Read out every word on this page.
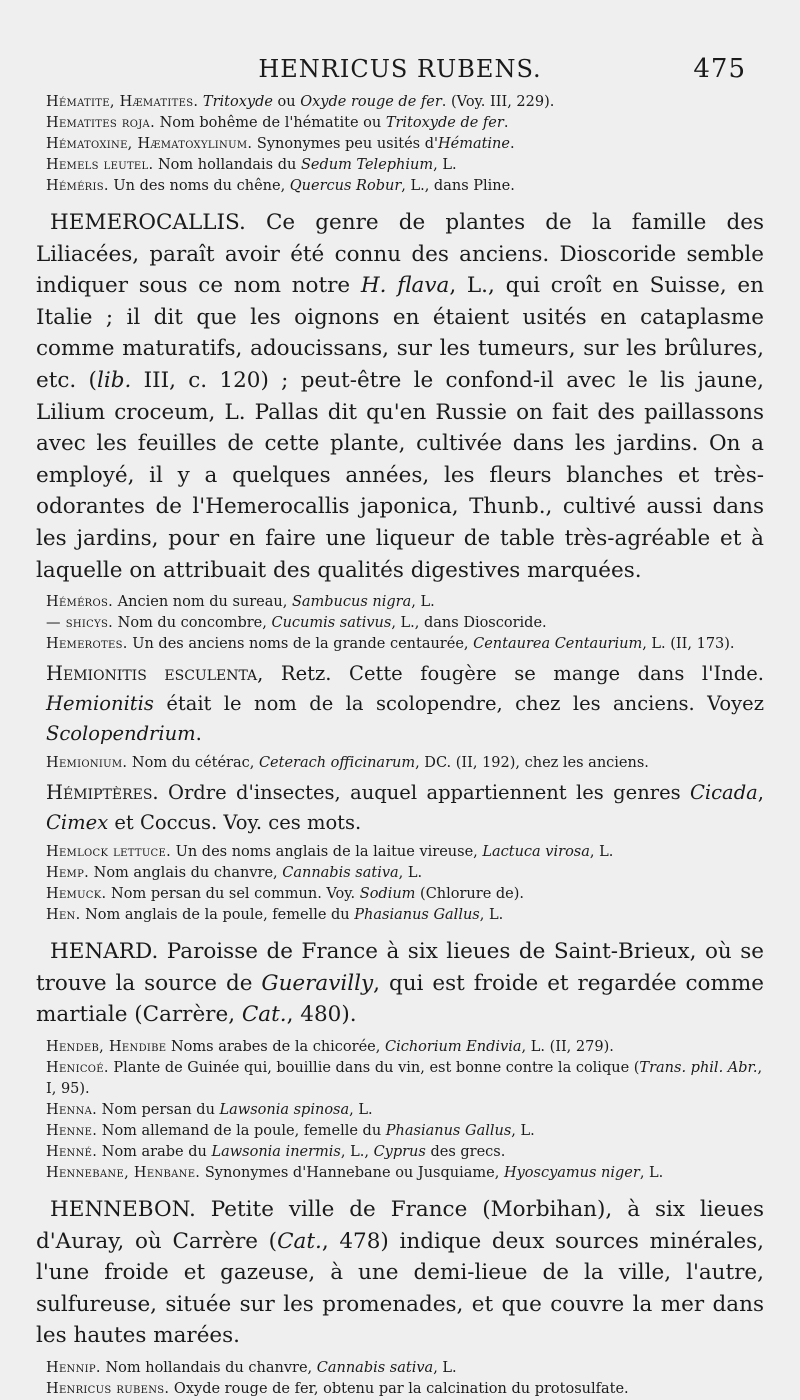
HENRICUS RUBENS.	475

Hématite, Hæmatites. Tritoxyde ou Oxyde rouge de fer. (Voy. III, 229).

Hematites roja. Nom bohême de l'hématite ou Tritoxyde de fer.

Hématoxine, Hæmatoxylinum. Synonymes peu usités d'Hématine.

Hemels leutel. Nom hollandais du Sedum Telephium, L.

Héméris. Un des noms du chêne, Quercus Robur, L., dans Pline.

HEMEROCALLIS. Ce genre de plantes de la famille des Liliacées, paraît avoir été connu des anciens. Dioscoride semble indiquer sous ce nom notre H. flava, L., qui croît en Suisse, en Italie ; il dit que les oignons en étaient usités en cataplasme comme maturatifs, adoucissans, sur les tumeurs, sur les brûlures, etc. (lib. III, c. 120) ; peut-être le confond-il avec le lis jaune, Lilium croceum, L. Pallas dit qu'en Russie on fait des paillassons avec les feuilles de cette plante, cultivée dans les jardins. On a employé, il y a quelques années, les fleurs blanches et très-odorantes de l'Hemerocallis japonica, Thunb., cultivé aussi dans les jardins, pour en faire une liqueur de table très-agréable et à laquelle on attribuait des qualités digestives marquées.

Héméros. Ancien nom du sureau, Sambucus nigra, L.

— shicys. Nom du concombre, Cucumis sativus, L., dans Dioscoride.

Hemerotes. Un des anciens noms de la grande centaurée, Centaurea Centaurium, L. (II, 173).

Hemionitis esculenta, Retz. Cette fougère se mange dans l'Inde. Hemionitis était le nom de la scolopendre, chez les anciens. Voyez Scolopendrium.

Hemionium. Nom du cétérac, Ceterach officinarum, DC. (II, 192), chez les anciens.

Hémiptères. Ordre d'insectes, auquel appartiennent les genres Cicada, Cimex et Coccus. Voy. ces mots.

Hemlock lettuce. Un des noms anglais de la laitue vireuse, Lactuca virosa, L.

Hemp. Nom anglais du chanvre, Cannabis sativa, L.

Hemuck. Nom persan du sel commun. Voy. Sodium (Chlorure de).

Hen. Nom anglais de la poule, femelle du Phasianus Gallus, L.

HENARD. Paroisse de France à six lieues de Saint-Brieux, où se trouve la source de Gueravilly, qui est froide et regardée comme martiale (Carrère, Cat., 480).

Hendeb, Hendibe Noms arabes de la chicorée, Cichorium Endivia, L. (II, 279).

Henicoé. Plante de Guinée qui, bouillie dans du vin, est bonne contre la colique (Trans. phil. Abr., I, 95).

Henna. Nom persan du Lawsonia spinosa, L.

Henne. Nom allemand de la poule, femelle du Phasianus Gallus, L.

Henné. Nom arabe du Lawsonia inermis, L., Cyprus des grecs.

Hennebane, Henbane. Synonymes d'Hannebane ou Jusquiame, Hyoscyamus niger, L.

HENNEBON. Petite ville de France (Morbihan), à six lieues d'Auray, où Carrère (Cat., 478) indique deux sources minérales, l'une froide et gazeuse, à une demi-lieue de la ville, l'autre, sulfureuse, située sur les promenades, et que couvre la mer dans les hautes marées.

Hennip. Nom hollandais du chanvre, Cannabis sativa, L.

Henricus rubens. Oxyde rouge de fer, obtenu par la calcination du protosulfate.
